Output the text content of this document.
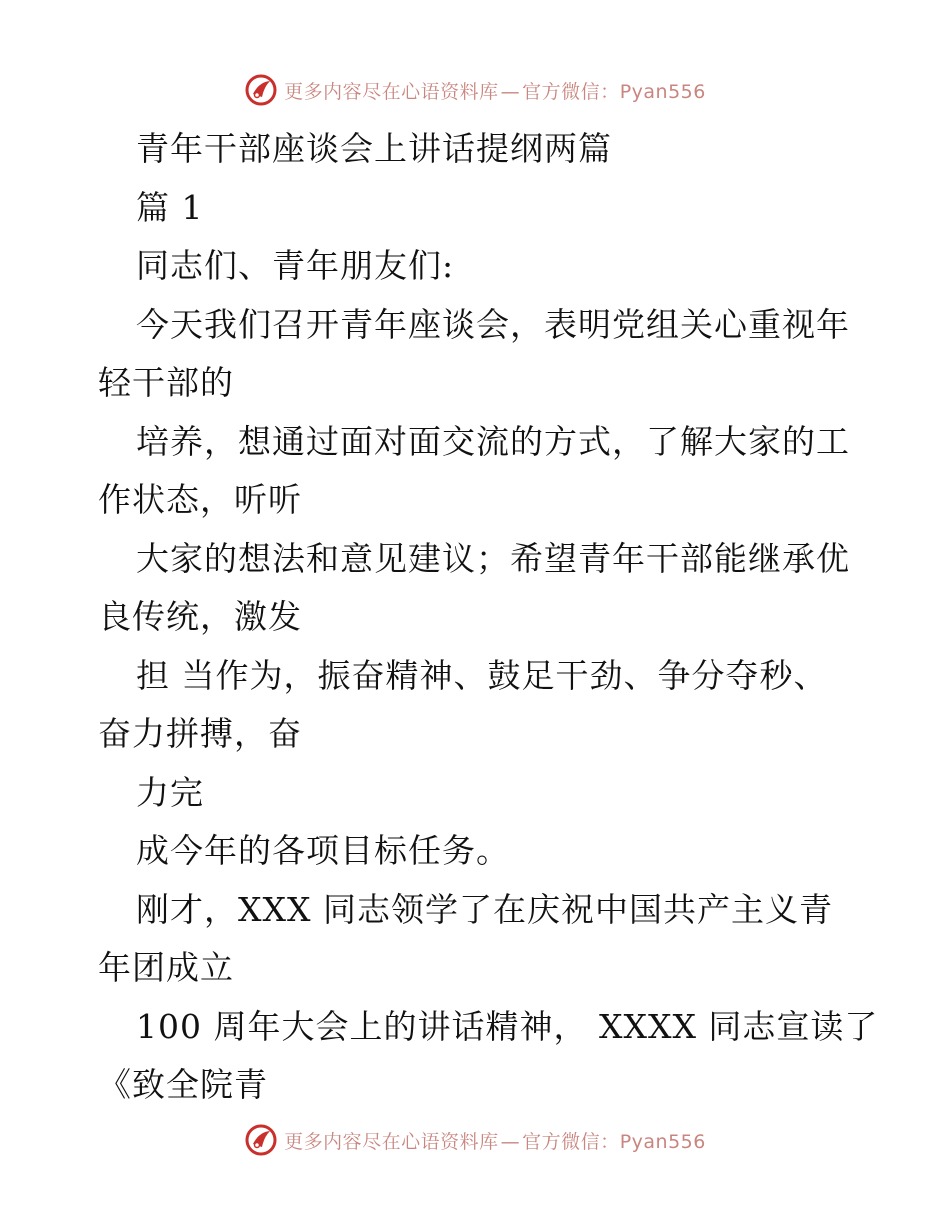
更多内容尽在心语资料库 — 官方微信：Pyan556
青年干部座谈会上讲话提纲两篇
篇 1
同志们、青年朋友们:
今天我们召开青年座谈会，表明党组关心重视年
轻干部的
培养，想通过面对面交流的方式，了解大家的工
作状态，听听
大家的想法和意见建议；希望青年干部能继承优
良传统，激发
担 当作为，振奋精神、鼓足干劲、争分夺秒、
奋力拼搏，奋
力完
成今年的各项目标任务。
刚才，XXX 同志领学了在庆祝中国共产主义青
年团成立
100 周年大会上的讲话精神， XXXX 同志宣读了
《致全院青
更多内容尽在心语资料库 — 官方微信：Pyan556
